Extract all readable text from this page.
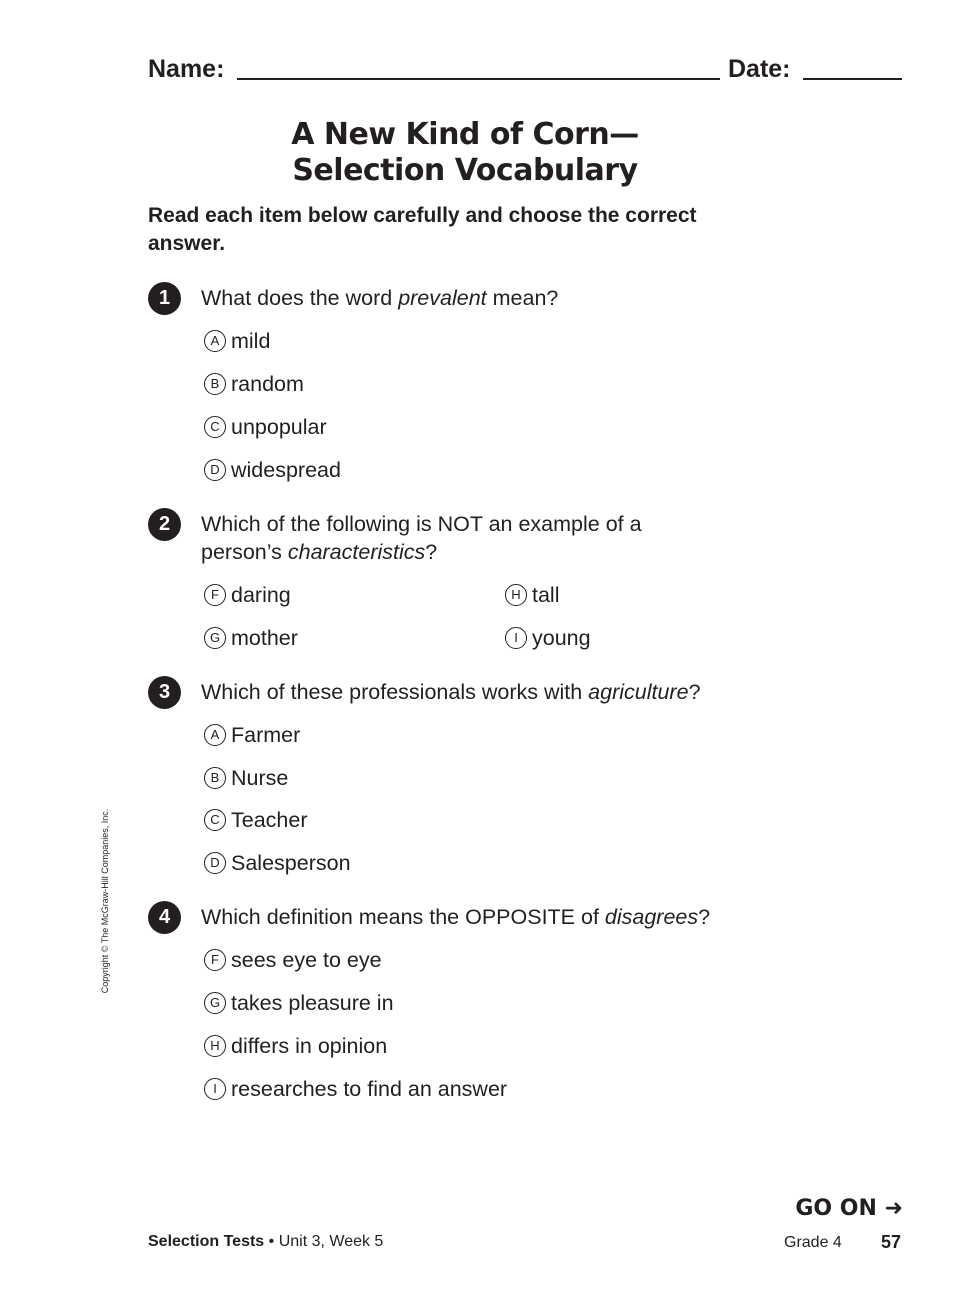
Name:	Date:
A New Kind of Corn—
Selection Vocabulary
Read each item below carefully and choose the correct answer.
1	What does the word prevalent mean?
A mild
B random
C unpopular
D widespread
2	Which of the following is NOT an example of a person’s characteristics?
F daring
G mother
H tall
I young
3	Which of these professionals works with agriculture?
A Farmer
B Nurse
C Teacher
D Salesperson
4	Which definition means the OPPOSITE of disagrees?
F sees eye to eye
G takes pleasure in
H differs in opinion
I researches to find an answer
Copyright © The McGraw-Hill Companies, Inc.
GO ON ➜
Selection Tests • Unit 3, Week 5	Grade 4 57
